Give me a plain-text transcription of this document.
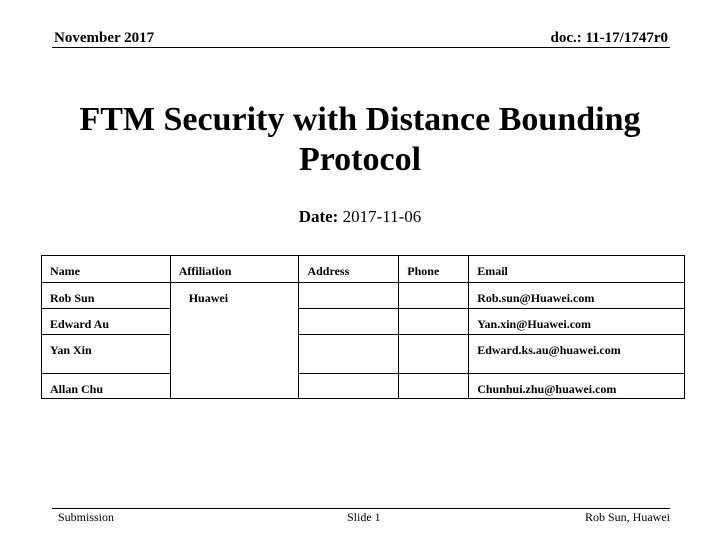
November 2017	doc.: 11-17/1747r0
FTM Security with Distance Bounding
Protocol
Date: 2017-11-06
Name	Affiliation	Address	Phone	Email
Rob Sun	Huawei			Rob.sun@Huawei.com
Edward Au				Yan.xin@Huawei.com
Yan Xin				Edward.ks.au@huawei.com
Allan Chu				Chunhui.zhu@huawei.com
Submission	Slide 1	Rob Sun, Huawei
